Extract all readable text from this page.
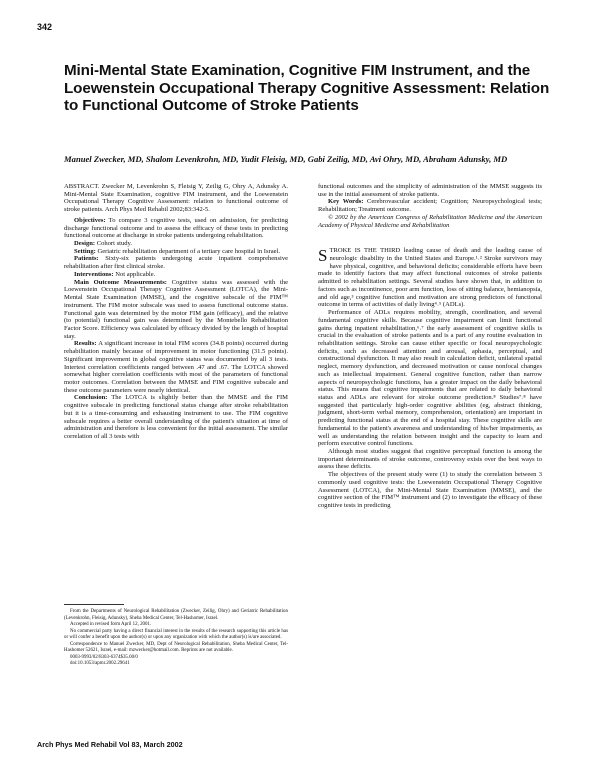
342
Mini-Mental State Examination, Cognitive FIM Instrument, and the Loewenstein Occupational Therapy Cognitive Assessment: Relation to Functional Outcome of Stroke Patients

Manuel Zwecker, MD, Shalom Levenkrohn, MD, Yudit Fleisig, MD, Gabi Zeilig, MD, Avi Ohry, MD, Abraham Adunsky, MD

ABSTRACT. Zwecker M, Levenkrohn S, Fleisig Y, Zeilig G, Ohry A, Adunsky A. Mini-Mental State Examination, cognitive FIM instrument, and the Loewenstein Occupational Therapy Cognitive Assessment: relation to functional outcome of stroke patients. Arch Phys Med Rehabil 2002;83:342-5.

Objectives: To compare 3 cognitive tests, used on admission, for predicting discharge functional outcome and to assess the efficacy of these tests in predicting functional outcome at discharge in stroke patients undergoing rehabilitation.

Design: Cohort study.

Setting: Geriatric rehabilitation department of a tertiary care hospital in Israel.

Patients: Sixty-six patients undergoing acute inpatient comprehensive rehabilitation after first clinical stroke.

Interventions: Not applicable.

Main Outcome Measurements: Cognitive status was assessed with the Loewenstein Occupational Therapy Cognitive Assessment (LOTCA), the Mini-Mental State Examination (MMSE), and the cognitive subscale of the FIM™ instrument. The FIM motor subscale was used to assess functional outcome status. Functional gain was determined by the motor FIM gain (efficacy), and the relative (to potential) functional gain was determined by the Montebello Rehabilitation Factor Score. Efficiency was calculated by efficacy divided by the length of hospital stay.

Results: A significant increase in total FIM scores (34.8 points) occurred during rehabilitation mainly because of improvement in motor functioning (31.5 points). Significant improvement in global cognitive status was documented by all 3 tests. Intertest correlation coefficients ranged between .47 and .67. The LOTCA showed somewhat higher correlation coefficients with most of the parameters of functional motor outcomes. Correlation between the MMSE and FIM cognitive subscale and these outcome parameters were nearly identical.

Conclusion: The LOTCA is slightly better than the MMSE and the FIM cognitive subscale in predicting functional status change after stroke rehabilitation but it is a time-consuming and exhausting instrument to use. The FIM cognitive subscale requires a better overall understanding of the patient's situation at time of administration and therefore is less convenient for the initial assessment. The similar correlation of all 3 tests with

From the Departments of Neurological Rehabilitation (Zwecker, Zeilig, Ohry) and Geriatric Rehabilitation (Levenkrohn, Fleisig, Adunsky), Sheba Medical Center, Tel-Hashomer, Israel.

Accepted in revised form April 12, 2001.

No commercial party having a direct financial interest in the results of the research supporting this article has or will confer a benefit upon the author(s) or upon any organization with which the author(s) is/are associated.

Correspondence to Manuel Zwecker, MD, Dept of Neurological Rehabilitation, Sheba Medical Center, Tel-Hashomer 52621, Israel, e-mail: mzwecker@hotmail.com. Reprints are not available.

0003-9993/02/8303-6374$35.00/0

doi:10.1053/apmr.2002.29641

functional outcomes and the simplicity of administration of the MMSE suggests its use in the initial assessment of stroke patients.

Key Words: Cerebrovascular accident; Cognition; Neuropsychological tests; Rehabilitation; Treatment outcome.

© 2002 by the American Congress of Rehabilitation Medicine and the American Academy of Physical Medicine and Rehabilitation

STROKE IS THE THIRD leading cause of death and the leading cause of neurologic disability in the United States and Europe.¹˒² Stroke survivors may have physical, cognitive, and behavioral deficits; considerable efforts have been made to identify factors that may affect functional outcomes of stroke patients admitted to rehabilitation settings. Several studies have shown that, in addition to factors such as incontinence, poor arm function, loss of sitting balance, hemianopsia, and old age,³ cognitive function and motivation are strong predictors of functional outcome in terms of activities of daily living⁴˒⁵ (ADLs).

Performance of ADLs requires mobility, strength, coordination, and several fundamental cognitive skills. Because cognitive impairment can limit functional gains during inpatient rehabilitation,⁶˒⁷ the early assessment of cognitive skills is crucial in the evaluation of stroke patients and is a part of any routine evaluation in rehabilitation settings. Stroke can cause either specific or focal neuropsychologic deficits, such as decreased attention and arousal, aphasia, perceptual, and constructional dysfunction. It may also result in calculation deficit, unilateral spatial neglect, memory dysfunction, and decreased motivation or cause nonfocal changes such as intellectual impairment. General cognitive function, rather than narrow aspects of neuropsychologic functions, has a greater impact on the daily behavioral status. This means that cognitive impairments that are related to daily behavioral status and ADLs are relevant for stroke outcome prediction.⁸ Studies⁷˒⁸ have suggested that particularly high-order cognitive abilities (eg, abstract thinking, judgment, short-term verbal memory, comprehension, orientation) are important in predicting functional status at the end of a hospital stay. These cognitive skills are fundamental to the patient's awareness and understanding of his/her impairments, as well as understanding the relation between insight and the capacity to learn and perform executive control functions.

Although most studies suggest that cognitive perceptual function is among the important determinants of stroke outcome, controversy exists over the best ways to assess these deficits.

The objectives of the present study were (1) to study the correlation between 3 commonly used cognitive tests: the Loewenstein Occupational Therapy Cognitive Assessment (LOTCA), the Mini-Mental State Examination (MMSE), and the cognitive section of the FIM™ instrument and (2) to investigate the efficacy of these cognitive tests in predicting

Arch Phys Med Rehabil Vol 83, March 2002
